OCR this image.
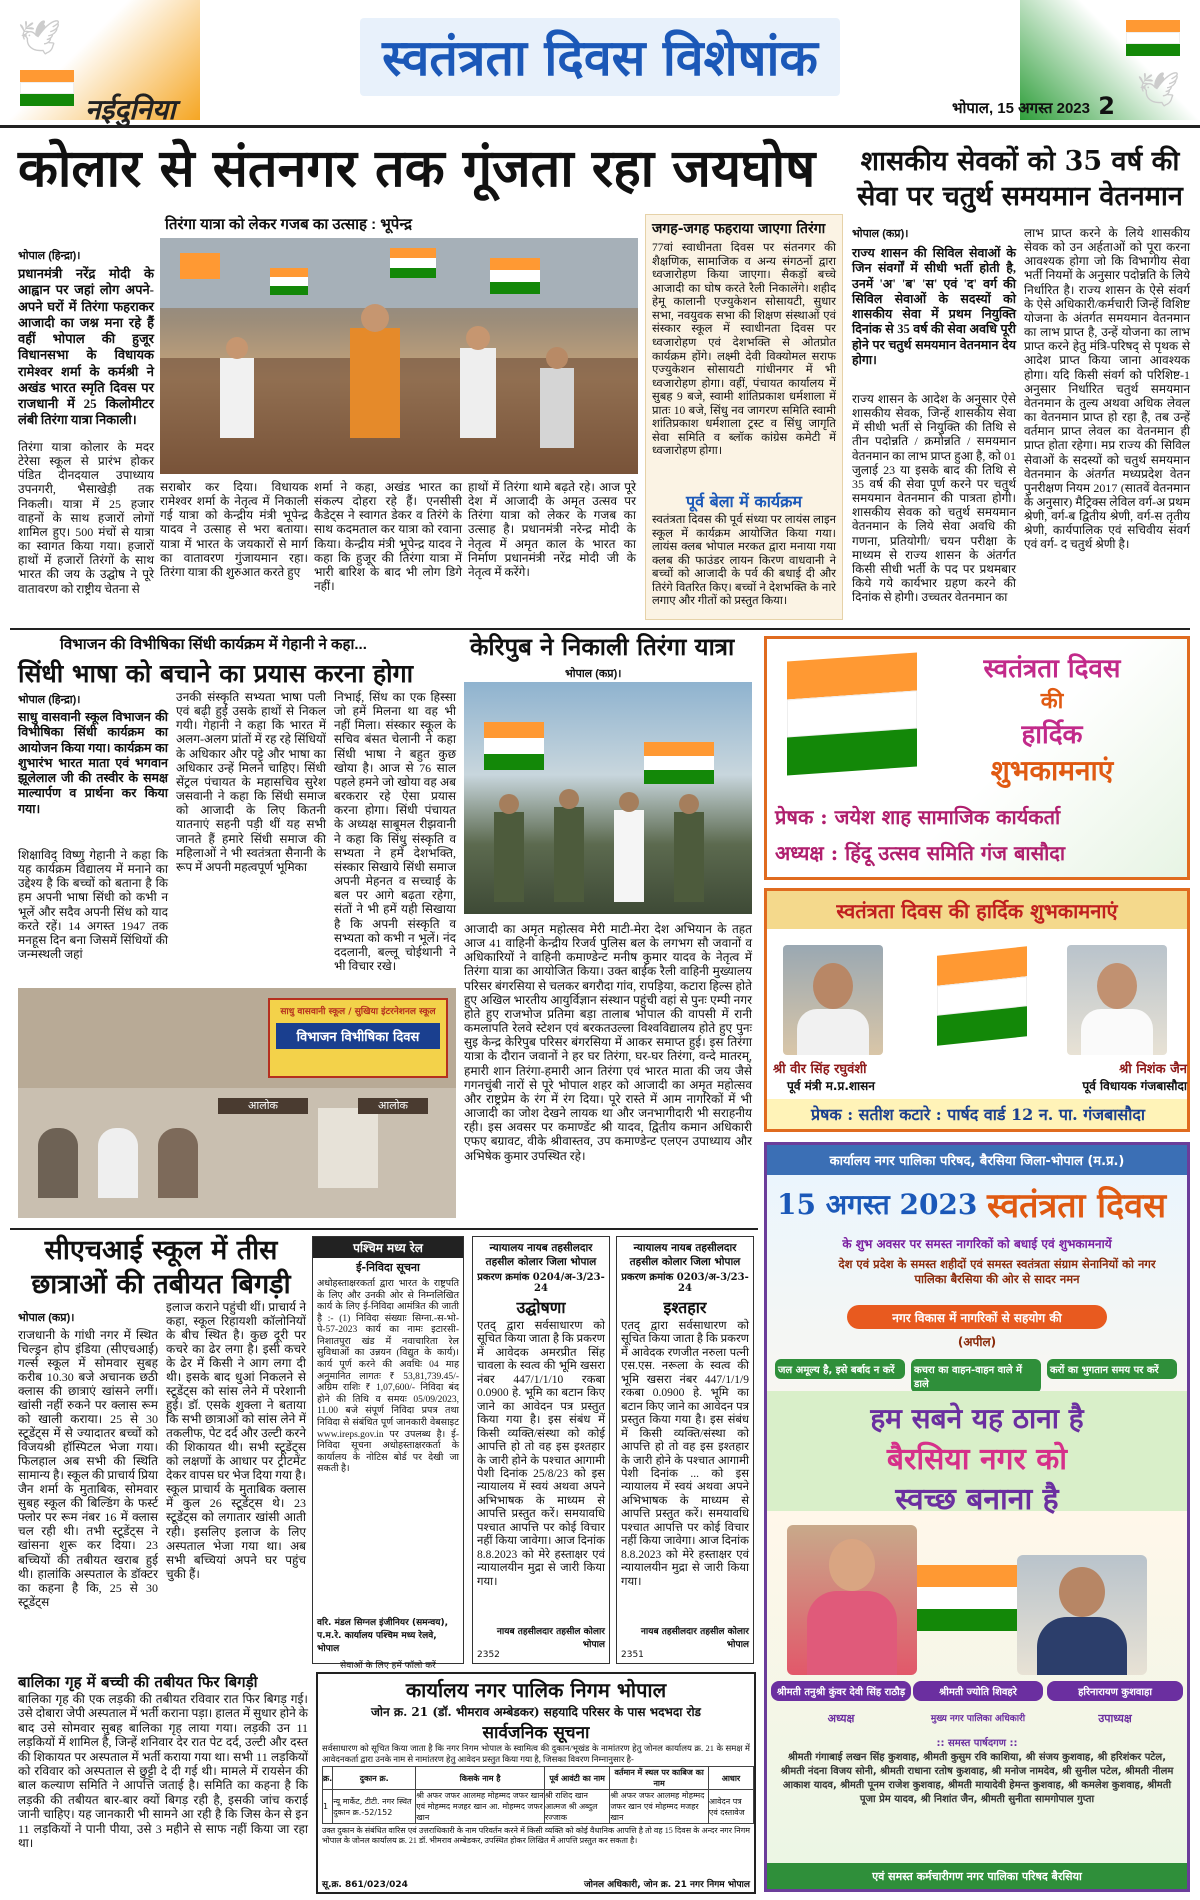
🕊
🕊
स्वतंत्रता दिवस विशेषांक
नईदुनिया	भोपाल, 15 अगस्त 2023 2
कोलार से संतनगर तक गूंजता रहा जयघोष
तिरंगा यात्रा को लेकर गजब का उत्साह : भूपेन्द्र
भोपाल (हिन्द्रा)।
प्रधानमंत्री नरेंद्र मोदी के आह्वान पर जहां लोग अपने-अपने घरों में तिरंगा फहराकर आजादी का जश्न मना रहे हैं वहीं भोपाल की हुजूर विधानसभा के विधायक रामेश्वर शर्मा के कर्मश्री ने अखंड भारत स्मृति दिवस पर राजधानी में 25 किलोमीटर लंबी तिरंगा यात्रा निकाली।
तिरंगा यात्रा कोलार के मदर टेरेसा स्कूल से प्रारंभ होकर पंडित दीनदयाल उपाध्याय उपनगरी, भैसाखेड़ी तक निकली। यात्रा में 25 हजार वाहनों के साथ हजारों लोगों शामिल हुए। 500 मंचों से यात्रा का स्वागत किया गया। हजारों हाथों में हजारों तिरंगों के साथ भारत की जय के उद्घोष ने पूरे वातावरण को राष्ट्रीय चेतना से
सराबोर कर दिया। विधायक रामेश्वर शर्मा के नेतृत्व में निकाली गई यात्रा को केन्द्रीय मंत्री भूपेन्द्र यादव ने उत्साह से भरा बताया। यात्रा में भारत के जयकारों से मार्ग का वातावरण गुंजायमान रहा। तिरंगा यात्रा की शुरुआत करते हुए
शर्मा ने कहा, अखंड भारत का संकल्प दोहरा रहे हैं। एनसीसी कैडेट्स ने स्वागत डेकर व तिरंगे के साथ कदमताल कर यात्रा को रवाना किया। केन्द्रीय मंत्री भूपेन्द्र यादव ने कहा कि हुजूर की तिरंगा यात्रा में भारी बारिश के बाद भी लोग डिगे नहीं।
हाथों में तिरंगा थामे बढ़ते रहे। आज पूरे देश में आजादी के अमृत उत्सव पर तिरंगा यात्रा को लेकर के गजब का उत्साह है। प्रधानमंत्री नरेन्द्र मोदी के नेतृत्व में अमृत काल के भारत का निर्माण प्रधानमंत्री नरेंद्र मोदी जी के नेतृत्व में करेंगे।
जगह-जगह फहराया जाएगा तिरंगा
77वां स्वाधीनता दिवस पर संतनगर की शैक्षणिक, सामाजिक व अन्य संगठनों द्वारा ध्वजारोहण किया जाएगा। सैकड़ों बच्चे आजादी का घोष करते रैली निकालेंगे। शहीद हेमू कालानी एज्युकेशन सोसायटी, सुधार सभा, नवयुवक सभा की शिक्षण संस्थाओं एवं संस्कार स्कूल में स्वाधीनता दिवस पर ध्वजारोहण एवं देशभक्ति से ओतप्रोत कार्यक्रम होंगे। लक्ष्मी देवी विक्योमल सराफ एज्युकेशन सोसायटी गांधीनगर में भी ध्वजारोहण होगा। वहीं, पंचायत कार्यालय में सुबह 9 बजे, स्वामी शांतिप्रकाश धर्मशाला में प्रातः 10 बजे, सिंधु नव जागरण समिति स्वामी शांतिप्रकाश धर्मशाला ट्रस्ट व सिंधु जागृति सेवा समिति व ब्लॉक कांग्रेस कमेटी में ध्वजारोहण होगा।
पूर्व बेला में कार्यक्रम
स्वतंत्रता दिवस की पूर्व संध्या पर लायंस लाइन स्कूल में कार्यक्रम आयोजित किया गया। लायंस क्लब भोपाल मरकत द्वारा मनाया गया क्लब की फाउंडर लायन किरण वाधवानी ने बच्चों को आजादी के पर्व की बधाई दी और तिरंगे वितरित किए। बच्चों ने देशभक्ति के नारे लगाए और गीतों को प्रस्तुत किया।
शासकीय सेवकों को 35 वर्ष की सेवा पर चतुर्थ समयमान वेतनमान
भोपाल (कप्र)।
राज्य शासन की सिविल सेवाओं के जिन संवर्गों में सीधी भर्ती होती है, उनमें 'अ' 'ब' 'स' एवं 'द' वर्ग की सिविल सेवाओं के सदस्यों को शासकीय सेवा में प्रथम नियुक्ति दिनांक से 35 वर्ष की सेवा अवधि पूरी होने पर चतुर्थ समयमान वेतनमान देय होगा।
राज्य शासन के आदेश के अनुसार ऐसे शासकीय सेवक, जिन्हें शासकीय सेवा में सीधी भर्ती से नियुक्ति की तिथि से तीन पदोन्नति / क्रमोन्नति / समयमान वेतनमान का लाभ प्राप्त हुआ है, को 01 जुलाई 23 या इसके बाद की तिथि से 35 वर्ष की सेवा पूर्ण करने पर चतुर्थ समयमान वेतनमान की पात्रता होगी। शासकीय सेवक को चतुर्थ समयमान वेतनमान के लिये सेवा अवधि की गणना, प्रतियोगी/ चयन परीक्षा के माध्यम से राज्य शासन के अंतर्गत किसी सीधी भर्ती के पद पर प्रथमबार किये गये कार्यभार ग्रहण करने की दिनांक से होगी। उच्चतर वेतनमान का
लाभ प्राप्त करने के लिये शासकीय सेवक को उन अर्हताओं को पूरा करना आवश्यक होगा जो कि विभागीय सेवा भर्ती नियमों के अनुसार पदोन्नति के लिये निर्धारित है। राज्य शासन के ऐसे संवर्ग के ऐसे अधिकारी/कर्मचारी जिन्हें विशिष्ट योजना के अंतर्गत समयमान वेतनमान का लाभ प्राप्त है, उन्हें योजना का लाभ प्राप्त करने हेतु मंत्रि-परिषद् से पृथक से आदेश प्राप्त किया जाना आवश्यक होगा। यदि किसी संवर्ग को परिशिष्ट-1 अनुसार निर्धारित चतुर्थ समयमान वेतनमान के तुल्य अथवा अधिक लेवल का वेतनमान प्राप्त हो रहा है, तब उन्हें वर्तमान प्राप्त लेवल का वेतनमान ही प्राप्त होता रहेगा। मप्र राज्य की सिविल सेवाओं के सदस्यों को चतुर्थ समयमान वेतनमान के अंतर्गत मध्यप्रदेश वेतन पुनरीक्षण नियम 2017 (सातवें वेतनमान के अनुसार) मैट्रिक्स लेविल वर्ग-अ प्रथम श्रेणी, वर्ग-ब द्वितीय श्रेणी, वर्ग-स तृतीय श्रेणी, कार्यपालिक एवं सचिवीय संवर्ग एवं वर्ग- द चतुर्थ श्रेणी है।
विभाजन की विभीषिका सिंधी कार्यक्रम में गेहानी ने कहा...
सिंधी भाषा को बचाने का प्रयास करना होगा
भोपाल (हिन्द्रा)।
साधु वासवानी स्कूल विभाजन की विभीषिका सिंधी कार्यक्रम का आयोजन किया गया। कार्यक्रम का शुभारंभ भारत माता एवं भगवान झूलेलाल जी की तस्वीर के समक्ष माल्यार्पण व प्रार्थना कर किया गया।
शिक्षाविद् विष्णु गेहानी ने कहा कि यह कार्यक्रम विद्यालय में मनाने का उद्देश्य है कि बच्चों को बताना है कि हम अपनी भाषा सिंधी को कभी न भूलें और सदैव अपनी सिंध को याद करते रहें। 14 अगस्त 1947 तक मनहूस दिन बना जिसमें सिंधियों की जन्मस्थली जहां
उनकी संस्कृति सभ्यता भाषा पली एवं बढ़ी हुई उसके हाथों से निकल गयी। गेहानी ने कहा कि भारत में अलग-अलग प्रांतों में रह रहे सिंधियों के अधिकार और पट्टे और भाषा का अधिकार उन्हें मिलने चाहिए। सिंधी सेंट्रल पंचायत के महासचिव सुरेश जसवानी ने कहा कि सिंधी समाज को आजादी के लिए कितनी यातनाएं सहनी पड़ी थीं यह सभी जानते हैं हमारे सिंधी समाज की महिलाओं ने भी स्वतंत्रता सैनानी के रूप में अपनी महत्वपूर्ण भूमिका
निभाई, सिंध का एक हिस्सा जो हमें मिलना था वह भी नहीं मिला। संस्कार स्कूल के सचिव बंसत चेलानी ने कहा सिंधी भाषा ने बहुत कुछ खोया है। आज से 76 साल पहले हमने जो खोया वह अब बरकरार रहे ऐसा प्रयास करना होगा। सिंधी पंचायत के अध्यक्ष साबूमल रीझवानी ने कहा कि सिंधु संस्कृति व सभ्यता ने हमें देशभक्ति, संस्कार सिखाये सिंधी समाज अपनी मेहनत व सच्चाई के बल पर आगे बढ़ता रहेगा, संतों ने भी हमें यही सिखाया है कि अपनी संस्कृति व सभ्यता को कभी न भूलें। नंद ददलानी, बल्लू चोईथानी ने भी विचार रखे।
साधु वासवानी स्कूल / सुखिया इंटरनेशनल स्कूल
विभाजन विभीषिका दिवस
आलोक	आलोक
केरिपुब ने निकाली तिरंगा यात्रा
भोपाल (कप्र)।
आजादी का अमृत महोत्सव मेरी माटी-मेरा देश अभियान के तहत आज 41 वाहिनी केन्द्रीय रिजर्व पुलिस बल के लगभग सौ जवानों व अधिकारियों ने वाहिनी कमाण्डेन्ट मनीष कुमार यादव के नेतृत्व में तिरंगा यात्रा का आयोजित किया। उक्त बाईक रैली वाहिनी मुख्यालय परिसर बंगरसिया से चलकर बगरौदा गांव, रापड़िया, कटारा हिल्स होते हुए अखिल भारतीय आयुर्विज्ञान संस्थान पहुंची वहां से पुनः एम्पी नगर होते हुए राजभोज प्रतिमा बड़ा तालाब भोपाल की वापसी में रानी कमलापति रेलवे स्टेशन एवं बरकतउल्ला विश्वविद्यालय होते हुए पुनः सुइ केन्द्र केरिपुब परिसर बंगरसिया में आकर समाप्त हुई। इस तिरंगा यात्रा के दौरान जवानों ने हर घर तिरंगा, घर-घर तिरंगा, वन्दे मातरम्, हमारी शान तिरंगा-हमारी आन तिरंगा एवं भारत माता की जय जैसे गगनचुंबी नारों से पूरे भोपाल शहर को आजादी का अमृत महोत्सव और राष्ट्रप्रेम के रंग में रंग दिया। पूरे रास्ते में आम नागरिकों में भी आजादी का जोश देखने लायक था और जनभागीदारी भी सराहनीय रही। इस अवसर पर कमाण्डेंट श्री यादव, द्वितीय कमान अधिकारी एफए बग्रावट, वीके श्रीवास्तव, उप कमाण्डेन्ट एलएन उपाध्याय और अभिषेक कुमार उपस्थित रहे।
स्वतंत्रता दिवस
की
हार्दिक
शुभकामनाएं
प्रेषक : जयेश शाह सामाजिक कार्यकर्ता
अध्यक्ष : हिंदू उत्सव समिति गंज बासौदा
स्वतंत्रता दिवस की हार्दिक शुभकामनाएं
श्री वीर सिंह रघुवंशी
पूर्व मंत्री म.प्र.शासन
श्री निशंक जैन
पूर्व विधायक गंजबासौदा
प्रेषक : सतीश कटारे : पार्षद वार्ड 12 न. पा. गंजबासौदा
कार्यालय नगर पालिका परिषद, बैरसिया जिला-भोपाल (म.प्र.)
15 अगस्त 2023 स्वतंत्रता दिवस
के शुभ अवसर पर समस्त नागरिकों को बधाई एवं शुभकामनायें
देश एवं प्रदेश के समस्त शहीदों एवं समस्त स्वतंत्रता संग्राम सेनानियों को नगर पालिका बैरसिया की ओर से सादर नमन
नगर विकास में नागरिकों से सहयोग की
(अपील)
जल अमूल्य है, इसे बर्बाद न करें	कचरा का वाहन-वाहन वाले में डाले
करों का भुगतान समय पर करें
हम सबने यह ठाना है
बैरसिया नगर को
स्वच्छ बनाना है
श्रीमती तनुश्री कुंवर देवी सिंह राठौड़
अध्यक्ष
श्रीमती ज्योति शिवहरे
मुख्य नगर पालिका अधिकारी
हरिनारायण कुशवाहा
उपाध्यक्ष
:: समस्त पार्षदगण ::
श्रीमती गंगाबाई लखन सिंह कुशवाह, श्रीमती कुसुम रवि काशिया, श्री संजय कुशवाह, श्री हरिशंकर पटेल, श्रीमती नंदना विजय सोनी, श्रीमती राधाना रतोष कुशवाह, श्री मनोज नामदेव, श्री सुनील पटेल, श्रीमती नीलम आकाश यादव, श्रीमती पूनम राजेश कुशवाह, श्रीमती मायादेवी हेमन्त कुशवाह, श्री कमलेश कुशवाह, श्रीमती पूजा प्रेम यादव, श्री निशांत जैन, श्रीमती सुनीता सामगोपाल गुप्ता
एवं समस्त कर्मचारीगण नगर पालिका परिषद बैरसिया
सीएचआई स्कूल में तीस छात्राओं की तबीयत बिगड़ी
भोपाल (कप्र)।
राजधानी के गांधी नगर में स्थित चिल्ड्रन होप इंडिया (सीएचआई) गर्ल्स स्कूल में सोमवार सुबह करीब 10.30 बजे अचानक छठी क्लास की छात्राएं खांसने लगीं। खांसी नहीं रुकने पर क्लास रूम को खाली कराया। 25 से 30 स्टूडेंट्स में से ज्यादातर बच्चों को विजयश्री हॉस्पिटल भेजा गया। फिलहाल अब सभी की स्थिति सामान्य है। स्कूल की प्राचार्य प्रिया जैन शर्मा के मुताबिक, सोमवार सुबह स्कूल की बिल्डिंग के फर्स्ट फ्लोर पर रूम नंबर 16 में क्लास चल रही थी। तभी स्टूडेंट्स ने खांसना शुरू कर दिया। 23 बच्चियों की तबीयत खराब हुई थी। हालांकि अस्पताल के डॉक्टर का कहना है कि, 25 से 30 स्टूडेंट्स
इलाज कराने पहुंची थीं। प्राचार्य ने कहा, स्कूल रिहायशी कॉलोनियों के बीच स्थित है। कुछ दूरी पर कचरे का ढेर लगा है। इसी कचरे के ढेर में किसी ने आग लगा दी थी। इसके बाद धुआं निकलने से स्टूडेंट्स को सांस लेने में परेशानी हुई। डॉ. एसके शुक्ला ने बताया कि सभी छात्राओं को सांस लेने में तकलीफ, पेट दर्द और उल्टी करने की शिकायत थी। सभी स्टूडेंट्स को लक्षणों के आधार पर ट्रीटमेंट देकर वापस घर भेज दिया गया है। स्कूल प्राचार्य के मुताबिक क्लास में कुल 26 स्टूडेंट्स थे। 23 स्टूडेंट्स को लगातार खांसी आती रही। इसलिए इलाज के लिए अस्पताल भेजा गया था। अब सभी बच्चियां अपने घर पहुंच चुकी हैं।
पश्चिम मध्य रेल
ई-निविदा सूचना
अधोहस्ताक्षरकर्ता द्वारा भारत के राष्ट्रपति के लिए और उनकी ओर से निम्नलिखित कार्य के लिए ई-निविदा आमंत्रित की जाती है :- (1) निविदा संख्याः सिग्ना.-स-भो-पे-57-2023 कार्य का नामः इटारसी-निशातपुरा खंड में नवाचारिता रेल सुविधाओं का उन्नयन (विद्युत के कार्य)। कार्य पूर्ण करने की अवधिः 04 माह अनुमानित लागतः ₹ 53,81,739.45/- अग्रिम राशिः ₹ 1,07,600/- निविदा बंद होने की तिथि व समयः 05/09/2023, 11.00 बजे संपूर्ण निविदा प्रपत्र तथा निविदा से संबंधित पूर्ण जानकारी वेबसाइट www.ireps.gov.in पर उपलब्ध है। ई-निविदा सूचना अधोहस्ताक्षरकर्ता के कार्यालय के नोटिस बोर्ड पर देखी जा सकती है।
वरि. मंडल सिग्नल इंजीनियर (समन्वय), प.म.रे. कार्यालय पश्चिम मध्य रेलवे, भोपाल
सेवाओं के लिए हमें फॉलो करें
न्यायालय नायब तहसीलदार तहसील कोलार जिला भोपाल
प्रकरण क्रमांक 0204/अ-3/23-24
उद्घोषणा
एतद् द्वारा सर्वसाधारण को सूचित किया जाता है कि प्रकरण में आवेदक अमरप्रीत सिंह चावला के स्वत्व की भूमि खसरा नंबर 447/1/1/10 रकबा 0.0900 हे. भूमि का बटान किए जाने का आवेदन पत्र प्रस्तुत किया गया है। इस संबंध में किसी व्यक्ति/संस्था को कोई आपत्ति हो तो वह इस इश्तहार के जारी होने के पश्चात आगामी पेशी दिनांक 25/8/23 को इस न्यायालय में स्वयं अथवा अपने अभिभाषक के माध्यम से आपत्ति प्रस्तुत करें। समयावधि पश्चात आपत्ति पर कोई विचार नहीं किया जावेगा। आज दिनांक 8.8.2023 को मेरे हस्ताक्षर एवं न्यायालयीन मुद्रा से जारी किया गया।
नायब तहसीलदार तहसील कोलार भोपाल
2352
न्यायालय नायब तहसीलदार तहसील कोलार जिला भोपाल
प्रकरण क्रमांक 0203/अ-3/23-24
इश्तहार
एतद् द्वारा सर्वसाधारण को सूचित किया जाता है कि प्रकरण में आवेदक रणजीत नरुला पत्नी एस.एस. नरूला के स्वत्व की भूमि खसरा नंबर 447/1/1/9 रकबा 0.0900 हे. भूमि का बटान किए जाने का आवेदन पत्र प्रस्तुत किया गया है। इस संबंध में किसी व्यक्ति/संस्था को आपत्ति हो तो वह इस इश्तहार के जारी होने के पश्चात आगामी पेशी दिनांक ... को इस न्यायालय में स्वयं अथवा अपने अभिभाषक के माध्यम से आपत्ति प्रस्तुत करें। समयावधि पश्चात आपत्ति पर कोई विचार नहीं किया जावेगा। आज दिनांक 8.8.2023 को मेरे हस्ताक्षर एवं न्यायालयीन मुद्रा से जारी किया गया।
नायब तहसीलदार तहसील कोलार भोपाल
2351
बालिका गृह में बच्ची की तबीयत फिर बिगड़ी
बालिका गृह की एक लड़की की तबीयत रविवार रात फिर बिगड़ गई। उसे दोबारा जेपी अस्पताल में भर्ती कराना पड़ा। हालत में सुधार होने के बाद उसे सोमवार सुबह बालिका गृह लाया गया। लड़की उन 11 लड़कियों में शामिल है, जिन्हें शनिवार देर रात पेट दर्द, उल्टी और दस्त की शिकायत पर अस्पताल में भर्ती कराया गया था। सभी 11 लड़कियों को रविवार को अस्पताल से छुट्टी दे दी गई थी। मामले में रायसेन की बाल कल्याण समिति ने आपत्ति जताई है। समिति का कहना है कि लड़की की तबीयत बार-बार क्यों बिगड़ रही है, इसकी जांच कराई जानी चाहिए। यह जानकारी भी सामने आ रही है कि जिस केन से इन 11 लड़कियों ने पानी पीया, उसे 3 महीने से साफ नहीं किया जा रहा था।
कार्यालय नगर पालिक निगम भोपाल
जोन क्र. 21 (डॉ. भीमराव अम्बेडकर) सहयादि परिसर के पास भदभदा रोड
सार्वजनिक सूचना
सर्वसाधारण को सूचित किया जाता है कि नगर निगम भोपाल के स्वामित्व की दुकान/भूखंड के नामांतरण हेतु जोनल कार्यालय क्र. 21 के समक्ष में आवेदनकर्ता द्वारा उनके नाम से नामांतरण हेतु आवेदन प्रस्तुत किया गया है, जिसका विवरण निम्नानुसार है-
क्र.	दुकान क्र.	किसके नाम है	पूर्व आवंटी का नाम	वर्तमान में स्थल पर काबिज का नाम	आधार
1	न्यू मार्केट, टीटी. नगर स्थित दुकान क्र.-52/152	श्री अफर जफर आलमह मोहम्मद जफर खान एवं मोहम्मद मजहर खान आ. मोहम्मद जफर खान	श्री राशिद खान आत्मज श्री अब्दुल रज्जाक	श्री अफर जफर आलमह मोहम्मद जफर खान एवं मोहम्मद मजहर खान	आवेदन पत्र एवं दस्तावेज
उक्त दुकान के संबंधित वारिस एवं उत्तराधिकारी के नाम परिवर्तन करने में किसी व्यक्ति को कोई वैधानिक आपत्ति है तो वह 15 दिवस के अन्दर नगर निगम भोपाल के जोनल कार्यालय क्र. 21 डॉ. भीमराव अम्बेडकर, उपस्थित होकर लिखित में आपत्ति प्रस्तुत कर सकता है।
सू.क्र. 861/023/024	जोनल अधिकारी, जोन क्र. 21 नगर निगम भोपाल
